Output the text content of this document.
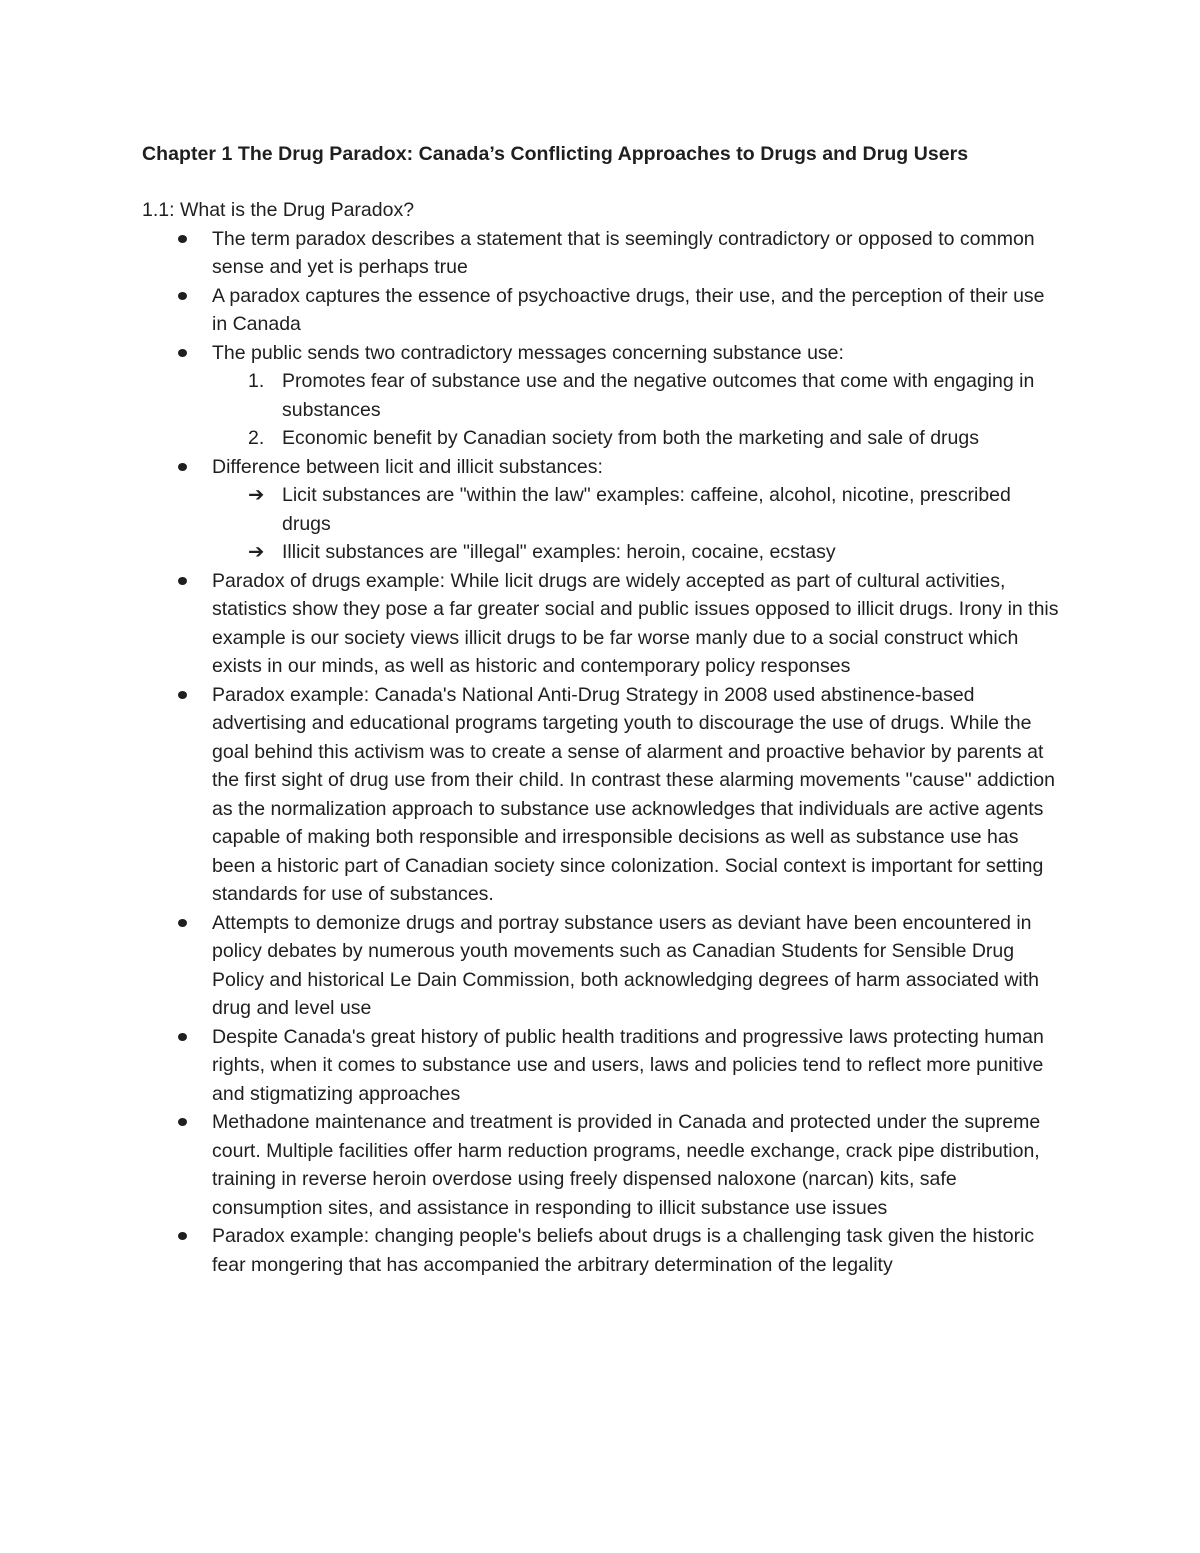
Chapter 1 The Drug Paradox: Canada’s Conflicting Approaches to Drugs and Drug Users
1.1: What is the Drug Paradox?
The term paradox describes a statement that is seemingly contradictory or opposed to common sense and yet is perhaps true
A paradox captures the essence of psychoactive drugs, their use, and the perception of their use in Canada
The public sends two contradictory messages concerning substance use:
1. Promotes fear of substance use and the negative outcomes that come with engaging in substances
2. Economic benefit by Canadian society from both the marketing and sale of drugs
Difference between licit and illicit substances:
➔ Licit substances are "within the law" examples: caffeine, alcohol, nicotine, prescribed drugs
➔ Illicit substances are "illegal" examples: heroin, cocaine, ecstasy
Paradox of drugs example: While licit drugs are widely accepted as part of cultural activities, statistics show they pose a far greater social and public issues opposed to illicit drugs. Irony in this example is our society views illicit drugs to be far worse manly due to a social construct which exists in our minds, as well as historic and contemporary policy responses
Paradox example: Canada's National Anti-Drug Strategy in 2008 used abstinence-based advertising and educational programs targeting youth to discourage the use of drugs. While the goal behind this activism was to create a sense of alarment and proactive behavior by parents at the first sight of drug use from their child. In contrast these alarming movements "cause" addiction as the normalization approach to substance use acknowledges that individuals are active agents capable of making both responsible and irresponsible decisions as well as substance use has been a historic part of Canadian society since colonization. Social context is important for setting standards for use of substances.
Attempts to demonize drugs and portray substance users as deviant have been encountered in policy debates by numerous youth movements such as Canadian Students for Sensible Drug Policy and historical Le Dain Commission, both acknowledging degrees of harm associated with drug and level use
Despite Canada's great history of public health traditions and progressive laws protecting human rights, when it comes to substance use and users, laws and policies tend to reflect more punitive and stigmatizing approaches
Methadone maintenance and treatment is provided in Canada and protected under the supreme court. Multiple facilities offer harm reduction programs, needle exchange, crack pipe distribution, training in reverse heroin overdose using freely dispensed naloxone (narcan) kits, safe consumption sites, and assistance in responding to illicit substance use issues
Paradox example: changing people's beliefs about drugs is a challenging task given the historic fear mongering that has accompanied the arbitrary determination of the legality
